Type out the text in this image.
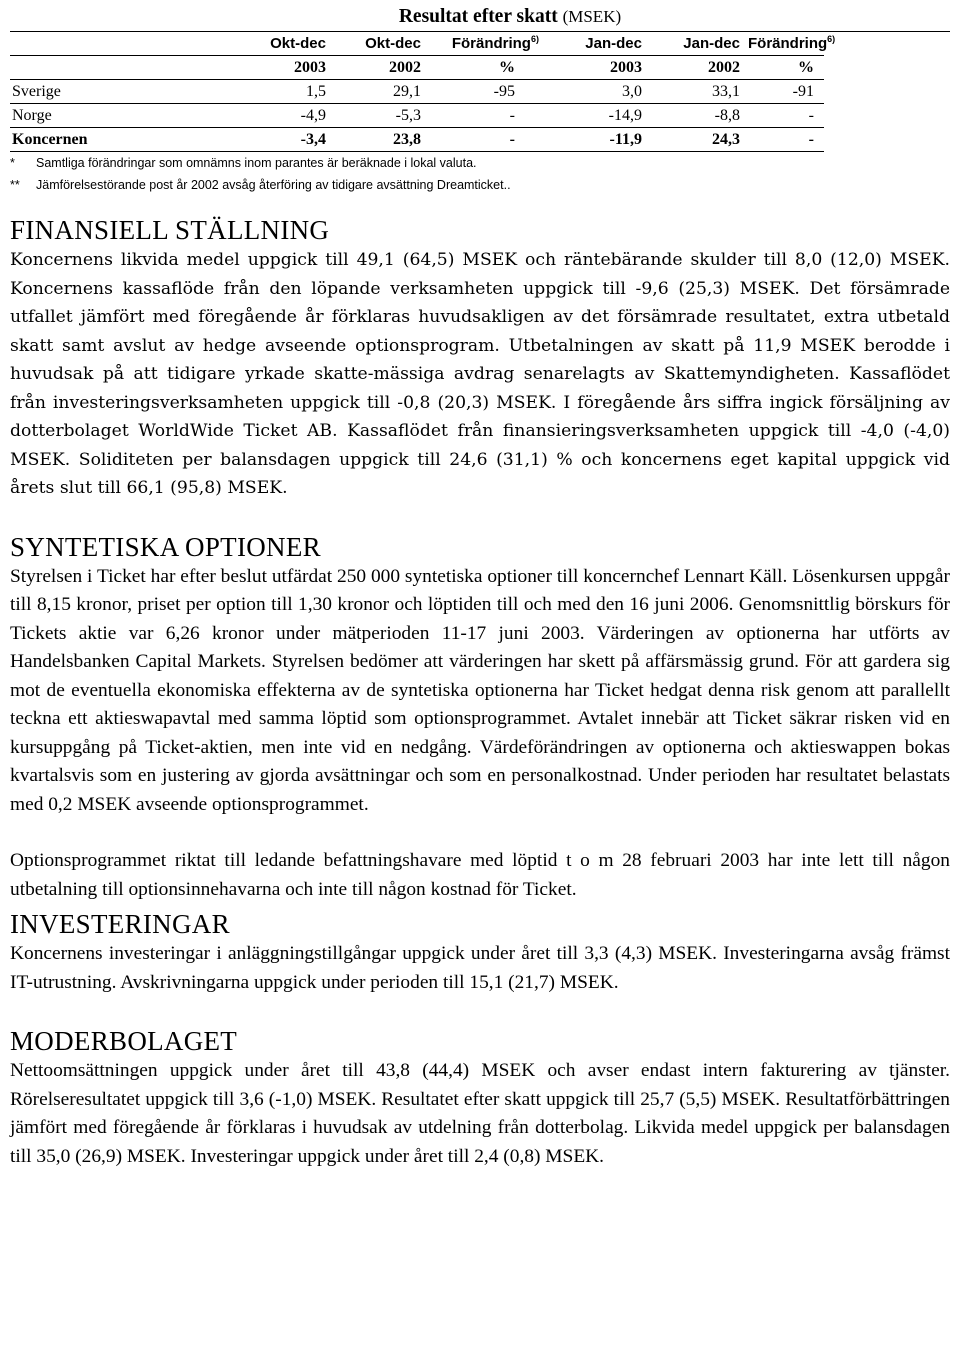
Resultat efter skatt (MSEK)
	Okt-dec	Okt-dec	Förändring$^{6)}$	Jan-dec	Jan-dec	Förändring$^{6)}$
	2003	2002	%	2003	2002	%
Sverige	1,5	29,1	-95	3,0	33,1	-91
Norge	-4,9	-5,3	-	-14,9	-8,8	-
Koncernen	-3,4	23,8	-	-11,9	24,3	-
*	Samtliga förändringar som omnämns inom parantes är beräknade i lokal valuta.
**	Jämförelsestörande post år 2002 avsåg återföring av tidigare avsättning Dreamticket..
FINANSIELL STÄLLNING

Koncernens likvida medel uppgick till 49,1 (64,5) MSEK och räntebärande skulder till 8,0 (12,0) MSEK. Koncernens kassaflöde från den löpande verksamheten uppgick till -9,6 (25,3) MSEK. Det försämrade utfallet jämfört med föregående år förklaras huvudsakligen av det försämrade resultatet, extra utbetald skatt samt avslut av hedge avseende optionsprogram. Utbetalningen av skatt på 11,9 MSEK berodde i huvudsak på att tidigare yrkade skatte-mässiga avdrag senarelagts av Skattemyndigheten. Kassaflödet från investeringsverksamheten uppgick till -0,8 (20,3) MSEK. I föregående års siffra ingick försäljning av dotterbolaget WorldWide Ticket AB. Kassaflödet från finansieringsverksamheten uppgick till -4,0 (-4,0) MSEK. Soliditeten per balansdagen uppgick till 24,6 (31,1) % och koncernens eget kapital uppgick vid årets slut till 66,1 (95,8) MSEK.

SYNTETISKA OPTIONER

Styrelsen i Ticket har efter beslut utfärdat 250 000 syntetiska optioner till koncernchef Lennart Käll. Lösenkursen uppgår till 8,15 kronor, priset per option till 1,30 kronor och löptiden till och med den 16 juni 2006. Genomsnittlig börskurs för Tickets aktie var 6,26 kronor under mätperioden 11-17 juni 2003. Värderingen av optionerna har utförts av Handelsbanken Capital Markets. Styrelsen bedömer att värderingen har skett på affärsmässig grund. För att gardera sig mot de eventuella ekonomiska effekterna av de syntetiska optionerna har Ticket hedgat denna risk genom att parallellt teckna ett aktieswapavtal med samma löptid som optionsprogrammet. Avtalet innebär att Ticket säkrar risken vid en kursuppgång på Ticket-aktien, men inte vid en nedgång. Värdeförändringen av optionerna och aktieswappen bokas kvartalsvis som en justering av gjorda avsättningar och som en personalkostnad. Under perioden har resultatet belastats med 0,2 MSEK avseende optionsprogrammet.

Optionsprogrammet riktat till ledande befattningshavare med löptid t o m 28 februari 2003 har inte lett till någon utbetalning till optionsinnehavarna och inte till någon kostnad för Ticket.

INVESTERINGAR

Koncernens investeringar i anläggningstillgångar uppgick under året till 3,3 (4,3) MSEK. Investeringarna avsåg främst IT-utrustning. Avskrivningarna uppgick under perioden till 15,1 (21,7) MSEK.

MODERBOLAGET

Nettoomsättningen uppgick under året till 43,8 (44,4) MSEK och avser endast intern fakturering av tjänster. Rörelseresultatet uppgick till 3,6 (-1,0) MSEK. Resultatet efter skatt uppgick till 25,7 (5,5) MSEK. Resultatförbättringen jämfört med föregående år förklaras i huvudsak av utdelning från dotterbolag. Likvida medel uppgick per balansdagen till 35,0 (26,9) MSEK. Investeringar uppgick under året till 2,4 (0,8) MSEK.
